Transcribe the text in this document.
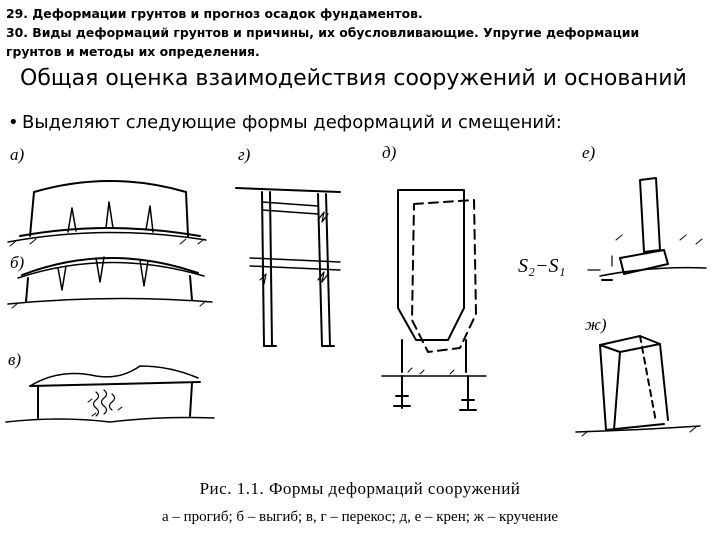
29. Деформации грунтов и прогноз осадок фундаментов.
30. Виды деформаций грунтов и причины, их обусловливающие. Упругие деформации
грунтов и методы их определения.
Общая оценка взаимодействия сооружений и оснований
• Выделяют следующие формы деформаций и смещений:
а)
б)
в)
г)	д)	е)
S₂−S₁
ж)
Рис. 1.1. Формы деформаций сооружений
а – прогиб; б – выгиб; в, г – перекос; д, е – крен; ж – кручение
